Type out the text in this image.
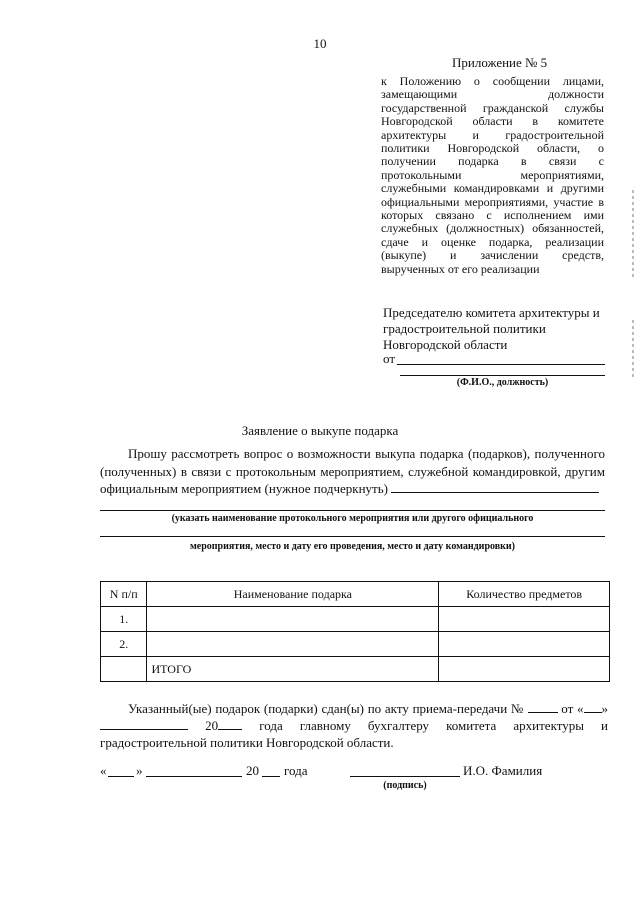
10
Приложение № 5
к Положению о сообщении лицами, замещающими должности государственной гражданской службы Новгородской области в комитете архитектуры и градостроительной политики Новгородской области, о получении подарка в связи с протокольными мероприятиями, служебными командировками и другими официальными мероприятиями, участие в которых связано с исполнением ими служебных (должностных) обязанностей, сдаче и оценке подарка, реализации (выкупе) и зачислении средств, вырученных от его реализации
Председателю комитета архитектуры и градостроительной политики Новгородской области
от
(Ф.И.О., должность)
Заявление о выкупе подарка

Прошу рассмотреть вопрос о возможности выкупа подарка (подарков), полученного (полученных) в связи с протокольным мероприятием, служебной командировкой, другим официальным мероприятием (нужное подчеркнуть)

(указать наименование протокольного мероприятия или другого официального
мероприятия, место и дату его проведения, место и дату командировки)
N п/п	Наименование подарка	Количество предметов
1.		
2.		
	ИТОГО	

Указанный(ые) подарок (подарки) сдан(ы) по акту приема-передачи №	от « »  20	года главному бухгалтеру комитета архитектуры и градостроительной политики Новгородской области.

« »	20 года	И.О. Фамилия
(подпись)
